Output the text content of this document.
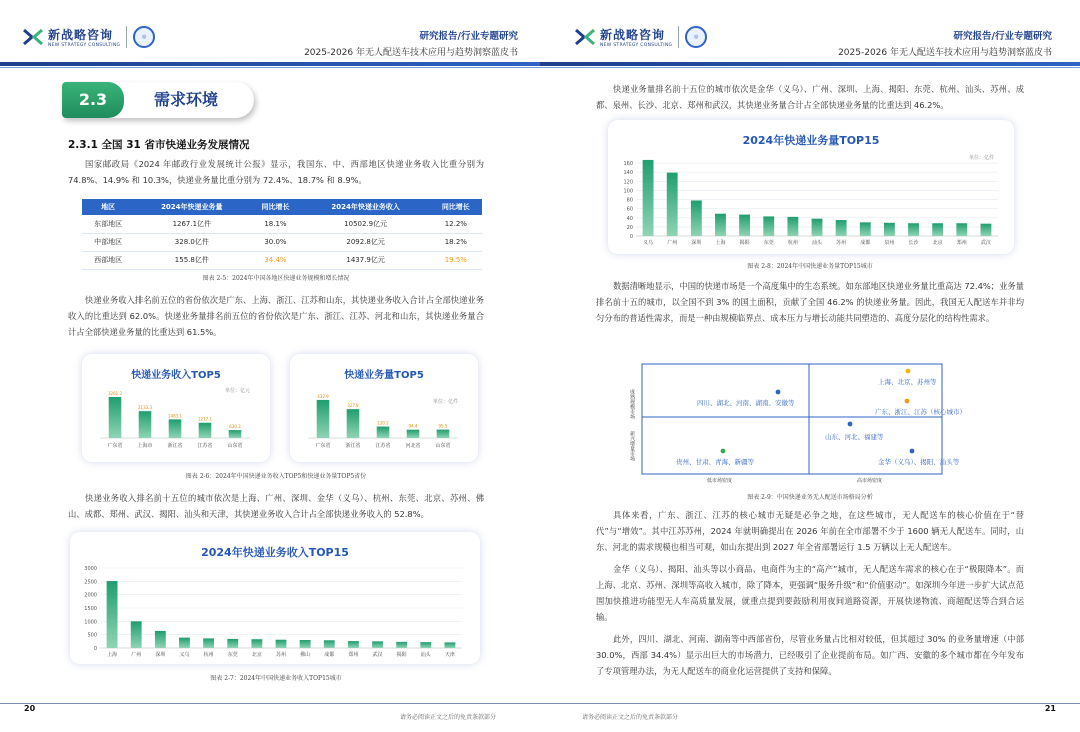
新战略咨询
NEW STRATEGY CONSULTING
◎	研究报告/行业专题研究
2025-2026 年无人配送车技术应用与趋势洞察蓝皮书
2.3	需求环境
2.3.1 全国 31 省市快递业务发展情况
国家邮政局《2024 年邮政行业发展统计公报》显示，我国东、中、西部地区快递业务收入比重分别为 74.8%、14.9% 和 10.3%，快递业务量比重分别为 72.4%、18.7% 和 8.9%。
地区	2024年快递业务量	同比增长	2024年快递业务收入	同比增长
东部地区	1267.1亿件	18.1%	10502.9亿元	12.2%
中部地区	328.0亿件	30.0%	2092.8亿元	18.2%
西部地区	155.8亿件	34.4%	1437.9亿元	19.5%
图表 2-5：2024年中国各地区快递业务规模和增长情况
快递业务收入排名前五位的省份依次是广东、上海、浙江、江苏和山东，其快递业务收入合计占全部快递业务收入的比重达到 62.0%。快递业务量排名前五位的省份依次是广东、浙江、江苏、河北和山东，其快递业务量合计占全部快递业务量的比重达到 61.5%。
快递业务收入TOP5
单位：亿元
广东省
3261.3
上海市
2133.3
浙江省
1483.1
江苏省
1217.1
山东省
630.3
快递业务量TOP5
单位：亿件
广东省
432.9
浙江省
327.8
江苏省
130.2
河北省
94.4
山东省
95.5
图表 2-6：2024年中国快递业务收入TOP5和快递业务量TOP5省份
快递业务收入排名前十五位的城市依次是上海、广州、深圳、金华（义乌）、杭州、东莞、北京、苏州、佛山、成都、郑州、武汉、揭阳、汕头和天津，其快递业务收入合计占全部快递业务收入的 52.8%。
2024年快递业务收入TOP15
0
500
1000
1500
2000
2500
3000
上海	广州	深圳	义乌	杭州	东莞	北京	苏州	佛山	成都	郑州	武汉	揭阳	汕头	天津
图表 2-7：2024年中国快递业务收入TOP15城市
20
请务必阅读正文之后的免责条款部分
新战略咨询
NEW STRATEGY CONSULTING
◎	研究报告/行业专题研究
2025-2026 年无人配送车技术应用与趋势洞察蓝皮书
快递业务量排名前十五位的城市依次是金华（义乌）、广州、深圳、上海、揭阳、东莞、杭州、汕头、苏州、成都、泉州、长沙、北京、郑州和武汉，其快递业务量合计占全部快递业务量的比重达到 46.2%。
2024年快递业务量TOP15
单位：亿件
0
20
40
60
80
100
120
140
160
义乌	广州	深圳	上海	揭阳	东莞	杭州	汕头	苏州	成都	泉州	长沙	北京	郑州	武汉
图表 2-8：2024年中国快递业务量TOP15城市
数据清晰地显示，中国的快递市场是一个高度集中的生态系统。如东部地区快递业务量比重高达 72.4%；业务量排名前十五的城市，以全国不到 3% 的国土面积，贡献了全国 46.2% 的快递业务量。因此，我国无人配送车并非均匀分布的普适性需求，而是一种由规模临界点、成本压力与增长动能共同塑造的、高度分层化的结构性需求。
成熟规模市场
新兴增量市场
低市场密度	高市场密度
上海、北京、苏州等
广东、浙江、江苏（核心城市）
四川、湖北、河南、湖南、安徽等
山东、河北、福建等
贵州、甘肃、青海、新疆等	金华（义乌）、揭阳、汕头等
图表 2-9：中国快递业务无人配送市场格局分析
具体来看，广东、浙江、江苏的核心城市无疑是必争之地，在这些城市，无人配送车的核心价值在于“替代”与“增效”。其中江苏苏州，2024 年就明确提出在 2026 年前在全市部署不少于 1600 辆无人配送车。同时，山东、河北的需求规模也相当可观，如山东提出到 2027 年全省部署运行 1.5 万辆以上无人配送车。
金华（义乌）、揭阳、汕头等以小商品、电商件为主的“高产”城市，无人配送车需求的核心在于“极限降本”。而上海、北京、苏州、深圳等高收入城市，除了降本，更强调“服务升级”和“价值驱动”。如深圳今年进一步扩大试点范围加快推进功能型无人车高质量发展，就重点提到要鼓励利用夜间道路资源，开展快递物流、商超配送等合到合运输。
此外，四川、湖北、河南、湖南等中西部省份，尽管业务量占比相对较低，但其超过 30% 的业务量增速（中部 30.0%，西部 34.4%）显示出巨大的市场潜力，已经吸引了企业提前布局。如广西、安徽的多个城市都在今年发布了专项管理办法，为无人配送车的商业化运营提供了支持和保障。
21
请务必阅读正文之后的免责条款部分
